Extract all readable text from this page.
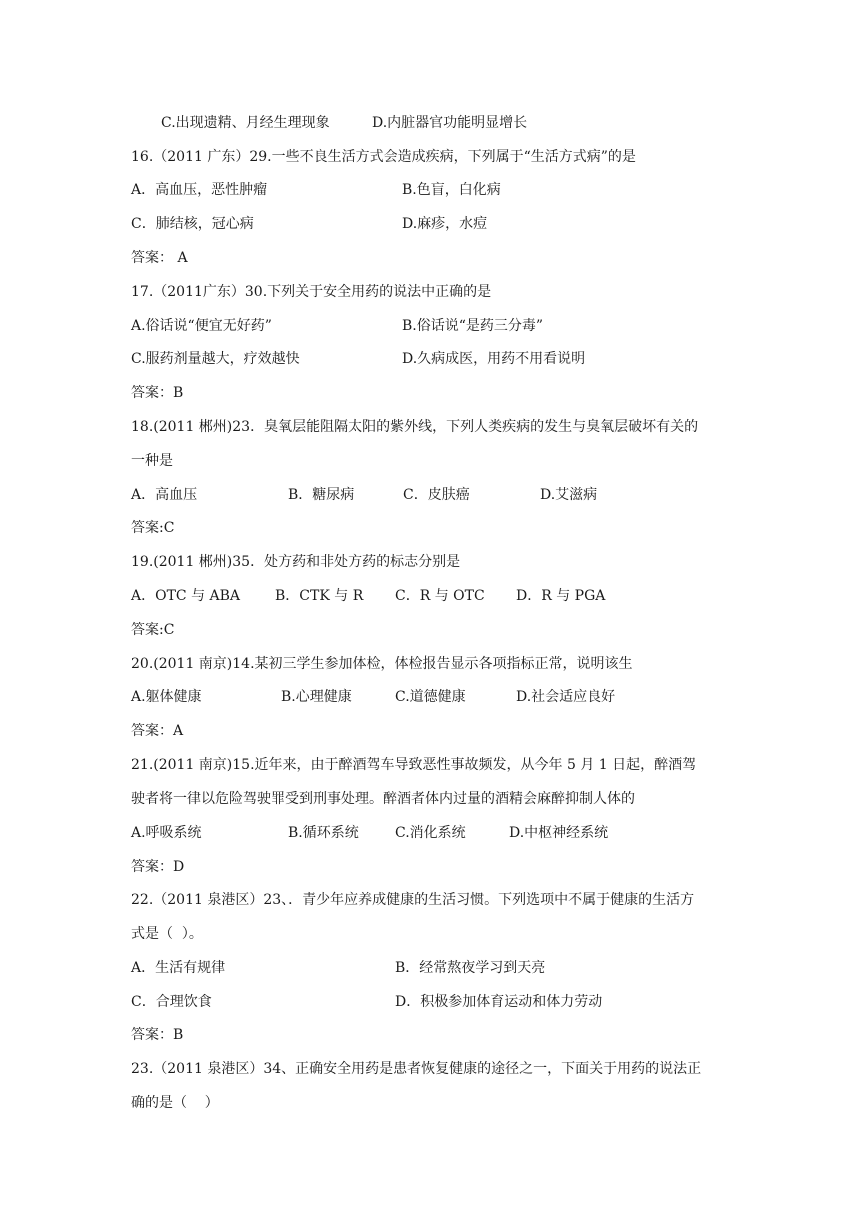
C.出现遗精、月经生理现象	D.内脏器官功能明显增长
16.（2011 广东）29.一些不良生活方式会造成疾病，下列属于“生活方式病”的是
A．高血压，恶性肿瘤	B.色盲，白化病
C．肺结核，冠心病	D.麻疹，水痘
答案： A
17.（2011广东）30.下列关于安全用药的说法中正确的是
A.俗话说“便宜无好药”	B.俗话说“是药三分毒”
C.服药剂量越大，疗效越快	D.久病成医，用药不用看说明
答案：B
18.(2011 郴州)23．臭氧层能阻隔太阳的紫外线，下列人类疾病的发生与臭氧层破坏有关的
一种是
A．高血压	B．糖尿病	C．皮肤癌	D.艾滋病
答案:C
19.(2011 郴州)35．处方药和非处方药的标志分别是
A．OTC 与 ABA B．CTK 与 R C．R 与 OTC D．R 与 PGA
答案:C
20.(2011 南京)14.某初三学生参加体检，体检报告显示各项指标正常，说明该生
A.躯体健康	B.心理健康	C.道德健康	D.社会适应良好
答案：A
21.(2011 南京)15.近年来，由于醉酒驾车导致恶性事故频发，从今年 5 月 1 日起，醉酒驾
驶者将一律以危险驾驶罪受到刑事处理。醉酒者体内过量的酒精会麻醉抑制人体的
A.呼吸系统	B.循环系统	C.消化系统	D.中枢神经系统
答案：D
22.（2011 泉港区）23、．青少年应养成健康的生活习惯。下列选项中不属于健康的生活方
式是（  ）。
A．生活有规律	B．经常熬夜学习到天亮
C．合理饮食	D．积极参加体育运动和体力劳动
答案：B
23.（2011 泉港区）34、正确安全用药是患者恢复健康的途径之一，下面关于用药的说法正
确的是（    ）
